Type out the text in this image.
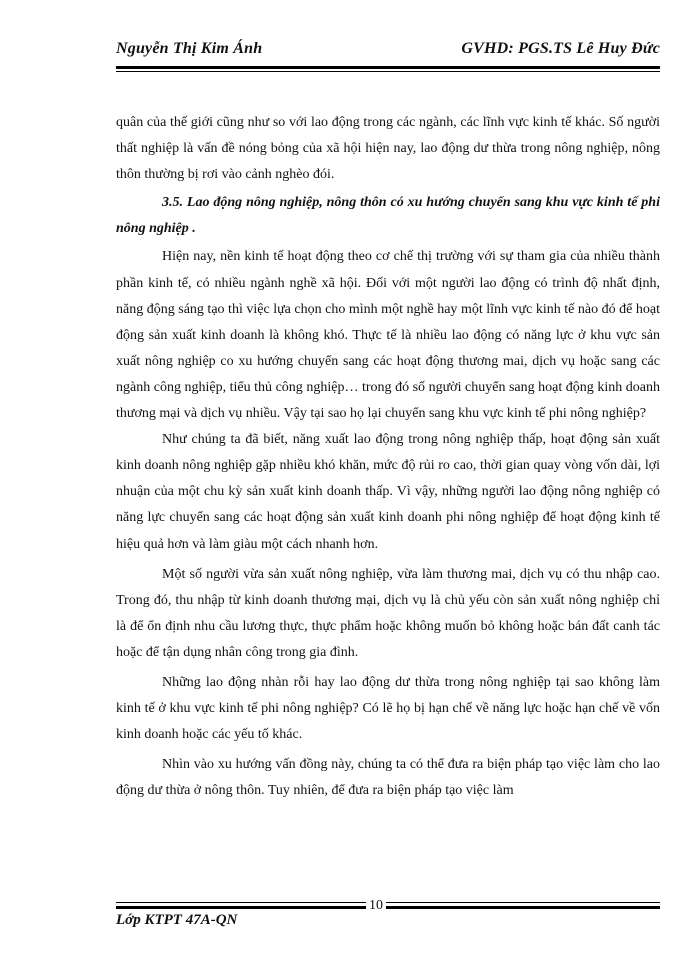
Nguyễn Thị Kim Ánh	GVHD: PGS.TS Lê Huy Đức

quân của thế giới cũng như so với lao động trong các ngành, các lĩnh vực kinh tế khác. Số người thất nghiệp là vấn đề nóng bỏng của xã hội hiện nay, lao động dư thừa trong nông nghiệp, nông thôn thường bị rơi vào cảnh nghèo đói.

3.5. Lao động nông nghiệp, nông thôn có xu hướng chuyển sang khu vực kinh tế phi nông nghiệp .

Hiện nay, nền kinh tế hoạt động theo cơ chế thị trường với sự tham gia của nhiều thành phần kinh tế, có nhiều ngành nghề xã hội. Đối với một người lao động có trình độ nhất định, năng động sáng tạo thì việc lựa chọn cho mình một nghề hay một lĩnh vực kinh tế nào đó để hoạt động sản xuất kinh doanh là không khó. Thực tế là nhiều lao động có năng lực ở khu vực sản xuất nông nghiệp co xu hướng chuyển sang các hoạt động thương mai, dịch vụ hoặc sang các ngành công nghiệp, tiểu thủ công nghiệp… trong đó số người chuyển sang hoạt động kinh doanh thương mại và dịch vụ nhiều. Vậy tại sao họ lại chuyển sang khu vực kinh tế phi nông nghiệp?

Như chúng ta đã biết, năng xuất lao động trong nông nghiệp thấp, hoạt động sản xuất kinh doanh nông nghiệp gặp nhiều khó khăn, mức độ rủi ro cao, thời gian quay vòng vốn dài, lợi nhuận của một chu kỳ sản xuất kinh doanh thấp. Vì vậy, những người lao động nông nghiệp có năng lực chuyển sang các hoạt động sản xuất kinh doanh phi nông nghiệp để hoạt động kinh tế hiệu quả hơn và làm giàu một cách nhanh hơn.

Một số người vừa sản xuất nông nghiệp, vừa làm thương mai, dịch vụ có thu nhập cao. Trong đó, thu nhập từ kinh doanh thương mại, dịch vụ là chủ yếu còn sản xuất nông nghiệp chỉ là để ổn định nhu cầu lương thực, thực phẩm hoặc không muốn bỏ không hoặc bán đất canh tác hoặc để tận dụng nhân công trong gia đình.

Những lao động nhàn rỗi hay lao động dư thừa trong nông nghiệp tại sao không làm kinh tế ở khu vực kinh tế phi nông nghiệp? Có lẽ họ bị hạn chế về năng lực hoặc hạn chế về vốn kinh doanh hoặc các yếu tố khác.

Nhìn vào xu hướng vấn đồng này, chúng ta có thể đưa ra biện pháp tạo việc làm cho lao động dư thừa ở nông thôn. Tuy nhiên, để đưa ra biện pháp tạo việc làm

10
Lớp KTPT 47A-QN
